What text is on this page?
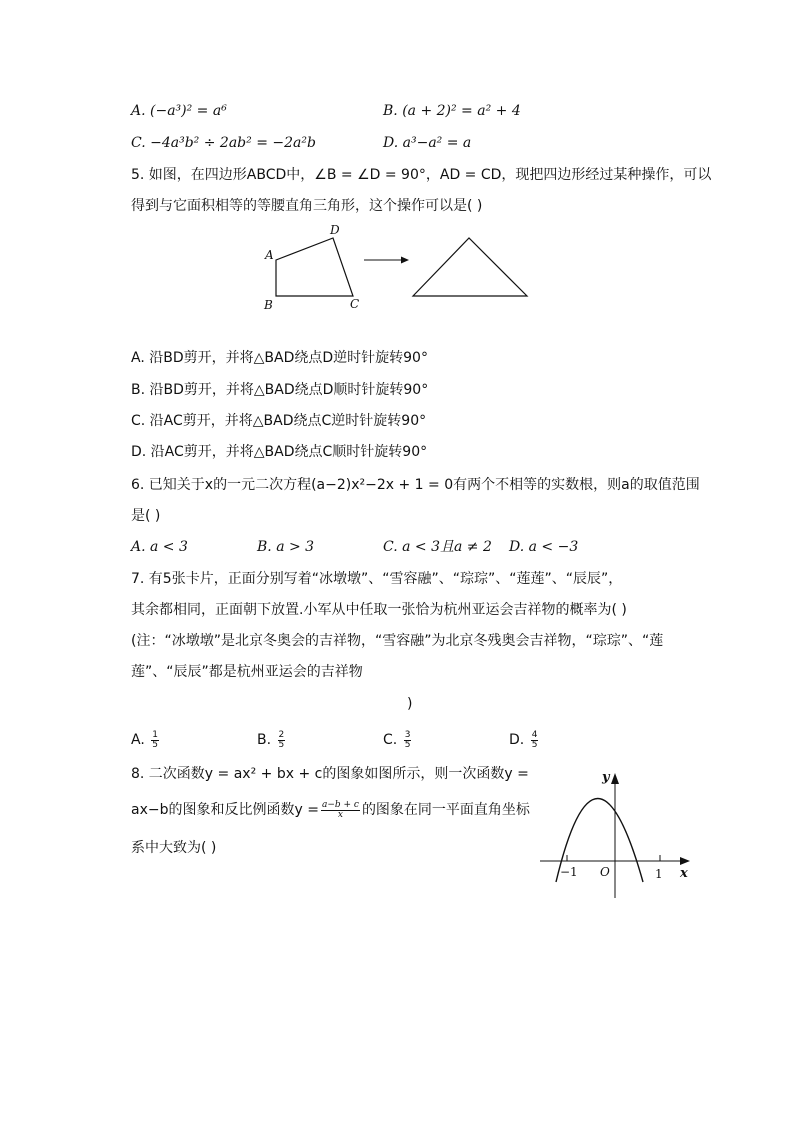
A. (−a³)² = a⁶	B. (a + 2)² = a² + 4
C. −4a³b² ÷ 2ab² = −2a²b	D. a³−a² = a
5. 如图，在四边形ABCD中，∠B = ∠D = 90°，AD = CD，现把四边形经过某种操作，可以
得到与它面积相等的等腰直角三角形，这个操作可以是( )
A
D
B	C
A. 沿BD剪开，并将△BAD绕点D逆时针旋转90°
B. 沿BD剪开，并将△BAD绕点D顺时针旋转90°
C. 沿AC剪开，并将△BAD绕点C逆时针旋转90°
D. 沿AC剪开，并将△BAD绕点C顺时针旋转90°
6. 已知关于x的一元二次方程(a−2)x²−2x + 1 = 0有两个不相等的实数根，则a的取值范围
是( )
A. a < 3	B. a > 3	C. a < 3且a ≠ 2 D. a < −3
7. 有5张卡片，正面分别写着“冰墩墩”、“雪容融”、“琮琮”、“莲莲”、“辰辰”，
其余都相同，正面朝下放置.小军从中任取一张恰为杭州亚运会吉祥物的概率为( )
(注：“冰墩墩”是北京冬奥会的吉祥物，“雪容融”为北京冬残奥会吉祥物，“琮琮”、“莲
莲”、“辰辰”都是杭州亚运会的吉祥物
)
A. $\frac{1}{5}$	B. $\frac{2}{5}$	C. $\frac{3}{5}$	D. $\frac{4}{5}$
8. 二次函数y = ax² + bx + c的图象如图所示，则一次函数y =
ax−b的图象和反比例函数$y = \frac{a-b + c}{x}$ 的图象在同一平面直角坐标
系中大致为( )
y
x
O
−1	1
